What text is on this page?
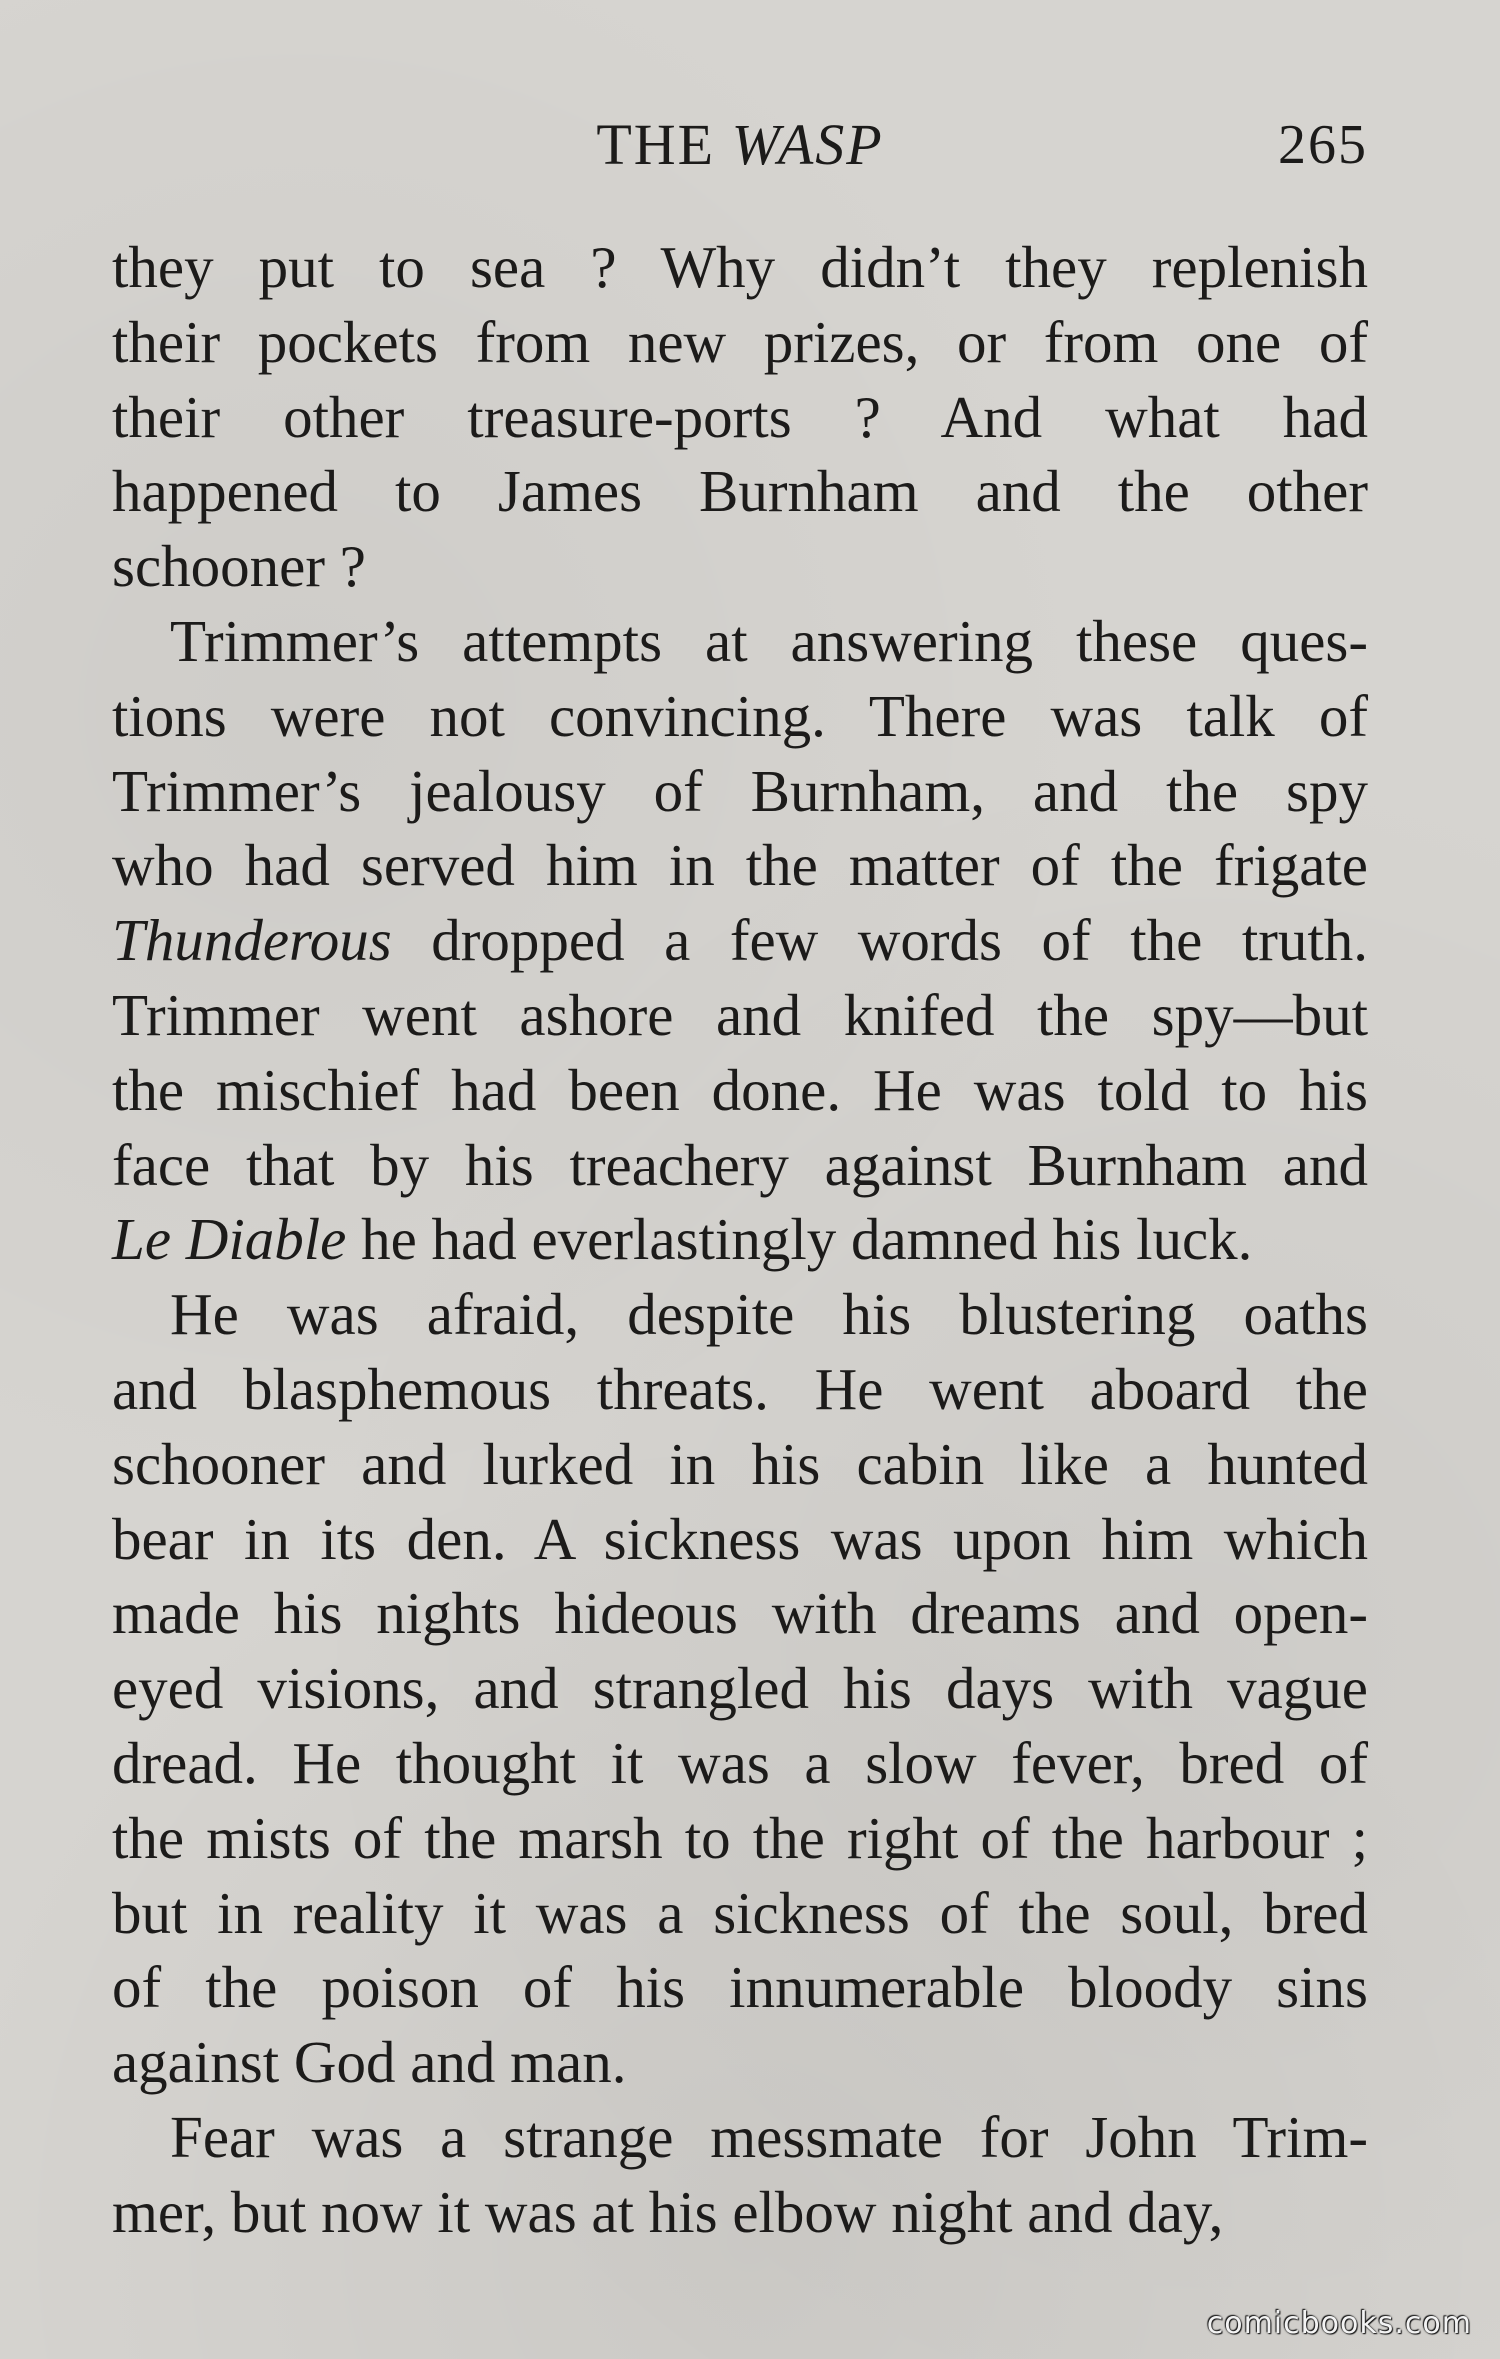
THE WASP	265
they put to sea ? Why didn’t they replenish
their pockets from new prizes, or from one of
their other treasure-ports ? And what had
happened to James Burnham and the other
schooner ?
Trimmer’s attempts at answering these ques-
tions were not convincing. There was talk of
Trimmer’s jealousy of Burnham, and the spy
who had served him in the matter of the frigate
Thunderous dropped a few words of the truth.
Trimmer went ashore and knifed the spy—but
the mischief had been done. He was told to his
face that by his treachery against Burnham and
Le Diable he had everlastingly damned his luck.
He was afraid, despite his blustering oaths
and blasphemous threats. He went aboard the
schooner and lurked in his cabin like a hunted
bear in its den. A sickness was upon him which
made his nights hideous with dreams and open-
eyed visions, and strangled his days with vague
dread. He thought it was a slow fever, bred of
the mists of the marsh to the right of the harbour ;
but in reality it was a sickness of the soul, bred
of the poison of his innumerable bloody sins
against God and man.
Fear was a strange messmate for John Trim-
mer, but now it was at his elbow night and day,
comicbooks.com
